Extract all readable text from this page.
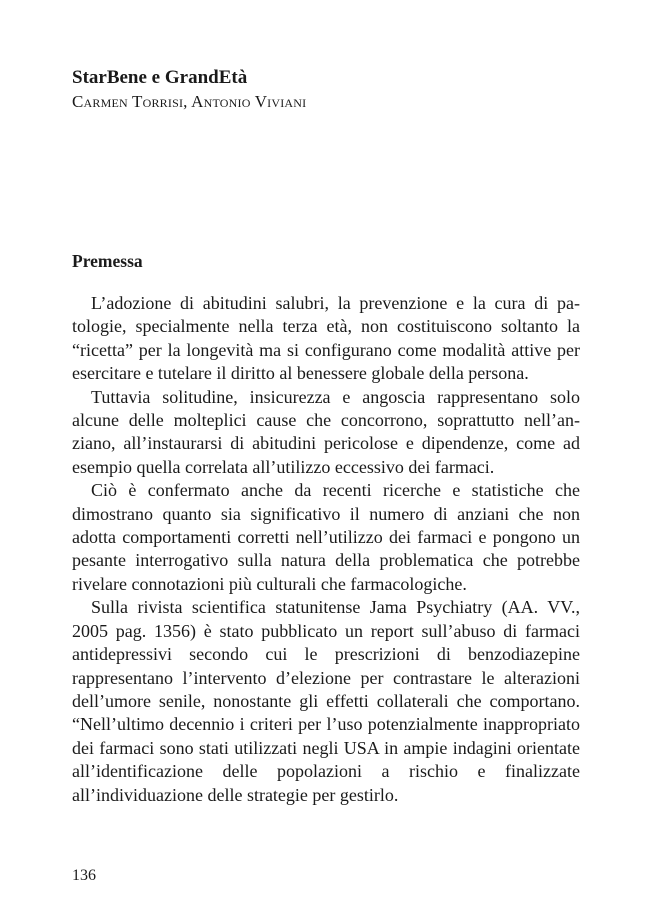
StarBene e GrandEtà

Carmen Torrisi, Antonio Viviani

Premessa

L’adozione di abitudini salubri, la prevenzione e la cura di patologie, specialmente nella terza età, non costituiscono soltanto la “ricetta” per la longevità ma si configurano come modalità attive per esercitare e tutelare il diritto al benessere globale della persona.

Tuttavia solitudine, insicurezza e angoscia rappresentano solo alcune delle molteplici cause che concorrono, soprattutto nell’anziano, all’instaurarsi di abitudini pericolose e dipendenze, come ad esempio quella correlata all’utilizzo eccessivo dei farmaci.

Ciò è confermato anche da recenti ricerche e statistiche che dimostrano quanto sia significativo il numero di anziani che non adotta comportamenti corretti nell’utilizzo dei farmaci e pongono un pesante interrogativo sulla natura della problematica che potrebbe rivelare connotazioni più culturali che farmacologiche.

Sulla rivista scientifica statunitense Jama Psychiatry (AA. VV., 2005 pag. 1356) è stato pubblicato un report sull’abuso di farmaci antidepressivi secondo cui le prescrizioni di benzodiazepine rappresentano l’intervento d’elezione per contrastare le alterazioni dell’umore senile, nonostante gli effetti collaterali che comportano. “Nell’ultimo decennio i criteri per l’uso potenzialmente inappropriato dei farmaci sono stati utilizzati negli USA in ampie indagini orientate all’identificazione delle popolazioni a rischio e finalizzate all’individuazione delle strategie per gestirlo.

136
